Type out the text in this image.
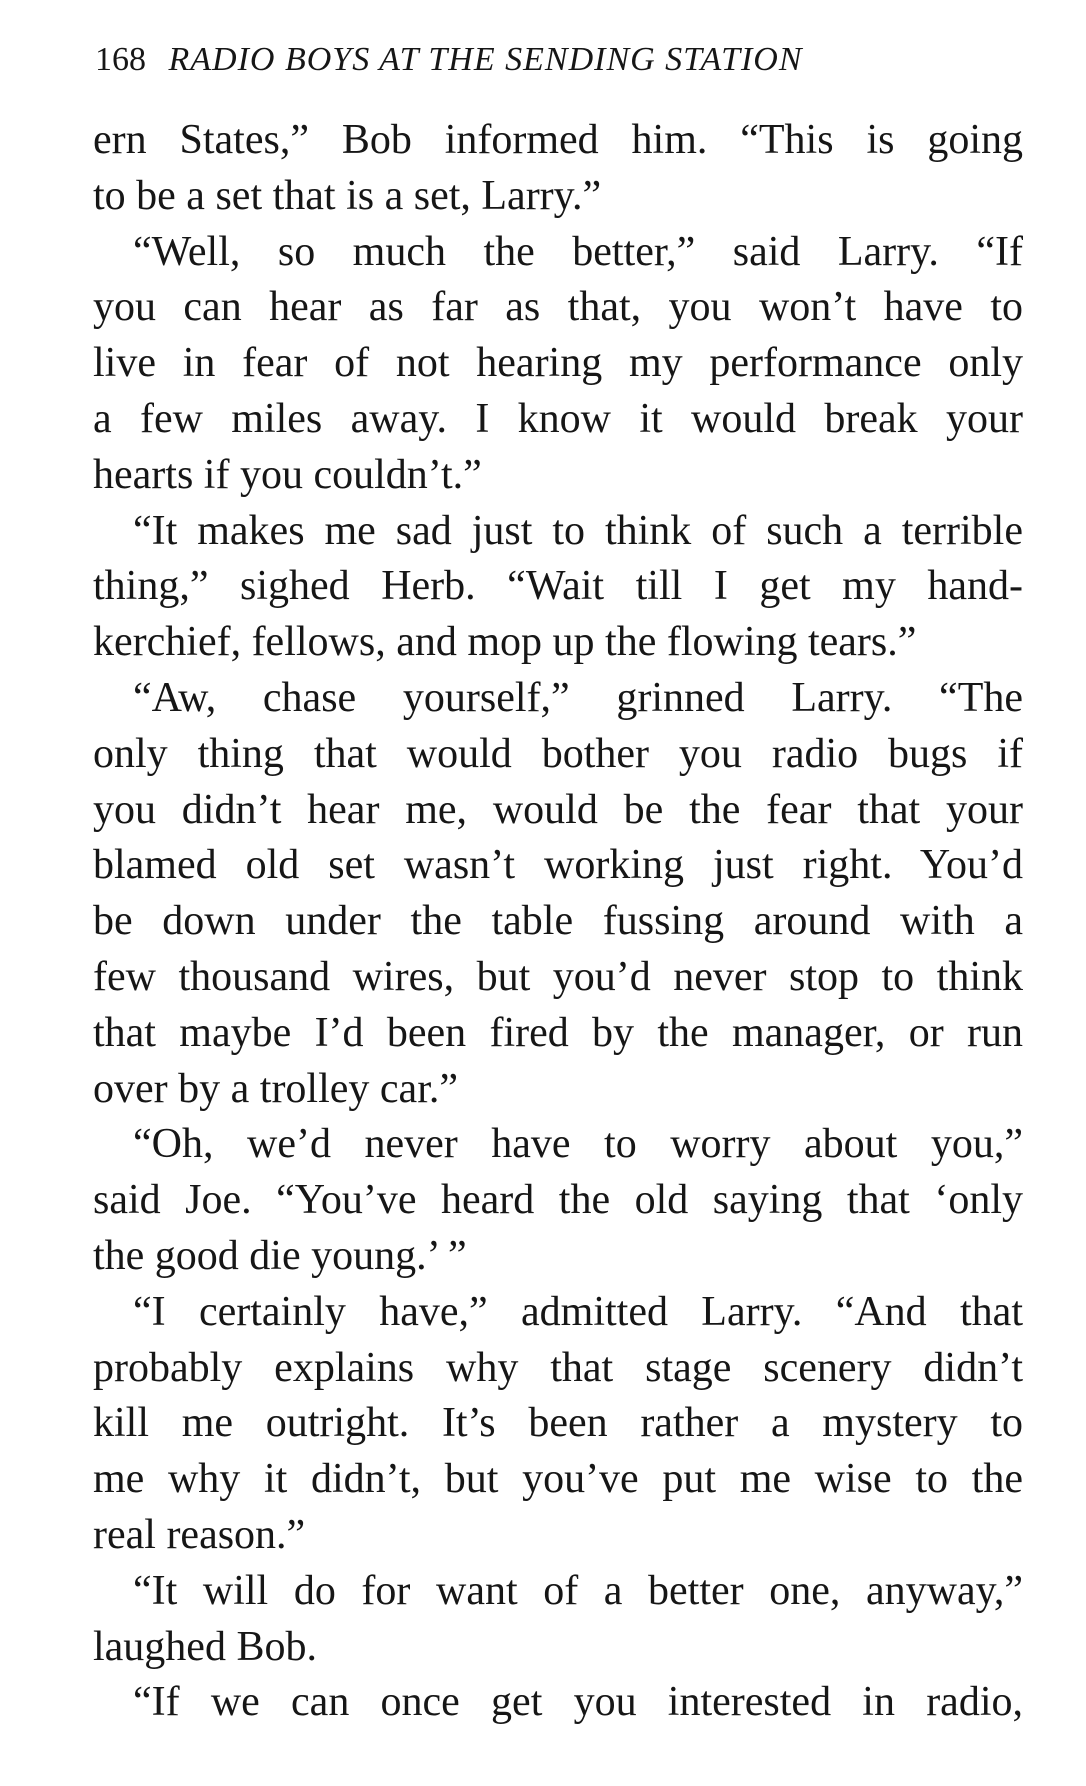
168 RADIO BOYS AT THE SENDING STATION
ern States,” Bob informed him. “This is going
to be a set that is a set, Larry.”
“Well, so much the better,” said Larry. “If
you can hear as far as that, you won’t have to
live in fear of not hearing my performance only
a few miles away. I know it would break your
hearts if you couldn’t.”
“It makes me sad just to think of such a terrible
thing,” sighed Herb. “Wait till I get my hand-
kerchief, fellows, and mop up the flowing tears.”
“Aw, chase yourself,” grinned Larry. “The
only thing that would bother you radio bugs if
you didn’t hear me, would be the fear that your
blamed old set wasn’t working just right. You’d
be down under the table fussing around with a
few thousand wires, but you’d never stop to think
that maybe I’d been fired by the manager, or run
over by a trolley car.”
“Oh, we’d never have to worry about you,”
said Joe. “You’ve heard the old saying that ‘only
the good die young.’ ”
“I certainly have,” admitted Larry. “And that
probably explains why that stage scenery didn’t
kill me outright. It’s been rather a mystery to
me why it didn’t, but you’ve put me wise to the
real reason.”
“It will do for want of a better one, anyway,”
laughed Bob.
“If we can once get you interested in radio,
